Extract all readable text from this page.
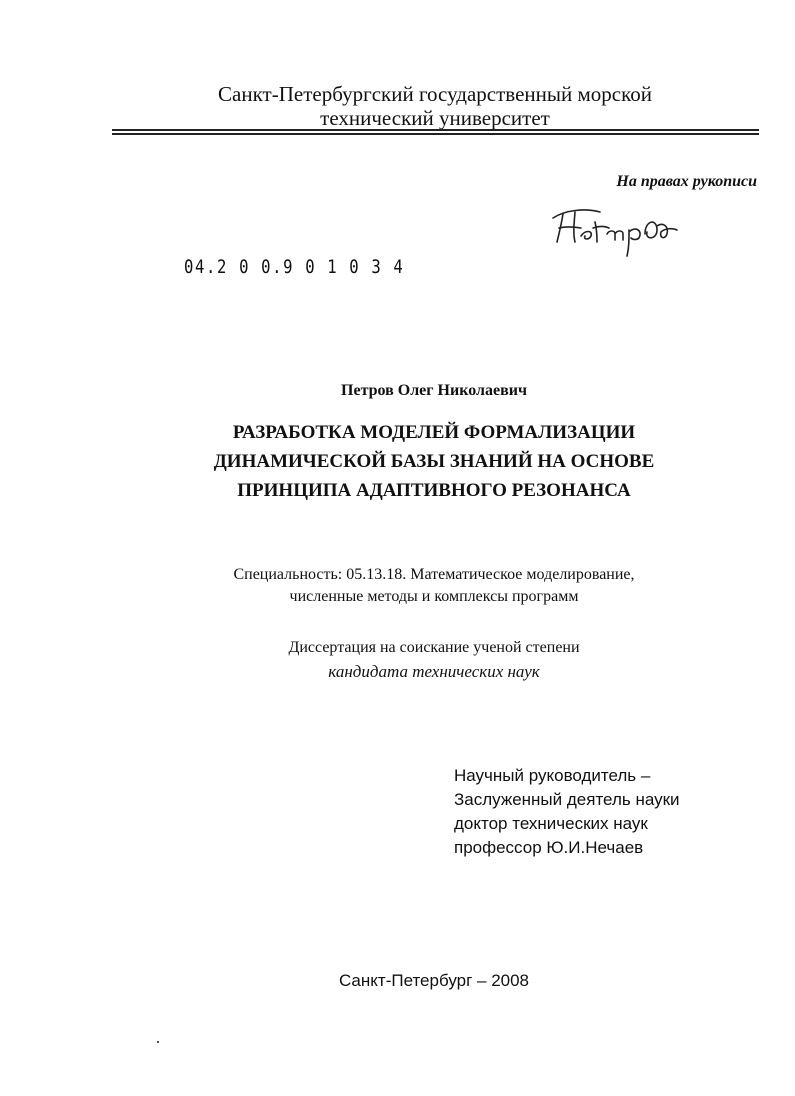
Санкт-Петербургский государственный морской
технический университет
На правах рукописи
04.2 0 0.9 0 1 0 3 4
Петров Олег Николаевич
РАЗРАБОТКА МОДЕЛЕЙ ФОРМАЛИЗАЦИИ
ДИНАМИЧЕСКОЙ БАЗЫ ЗНАНИЙ НА ОСНОВЕ
ПРИНЦИПА АДАПТИВНОГО РЕЗОНАНСА
Специальность: 05.13.18. Математическое моделирование,
численные методы и комплексы программ
Диссертация на соискание ученой степени
кандидата технических наук
Научный руководитель –
Заслуженный деятель науки
доктор технических наук
профессор Ю.И.Нечаев
Санкт-Петербург – 2008
